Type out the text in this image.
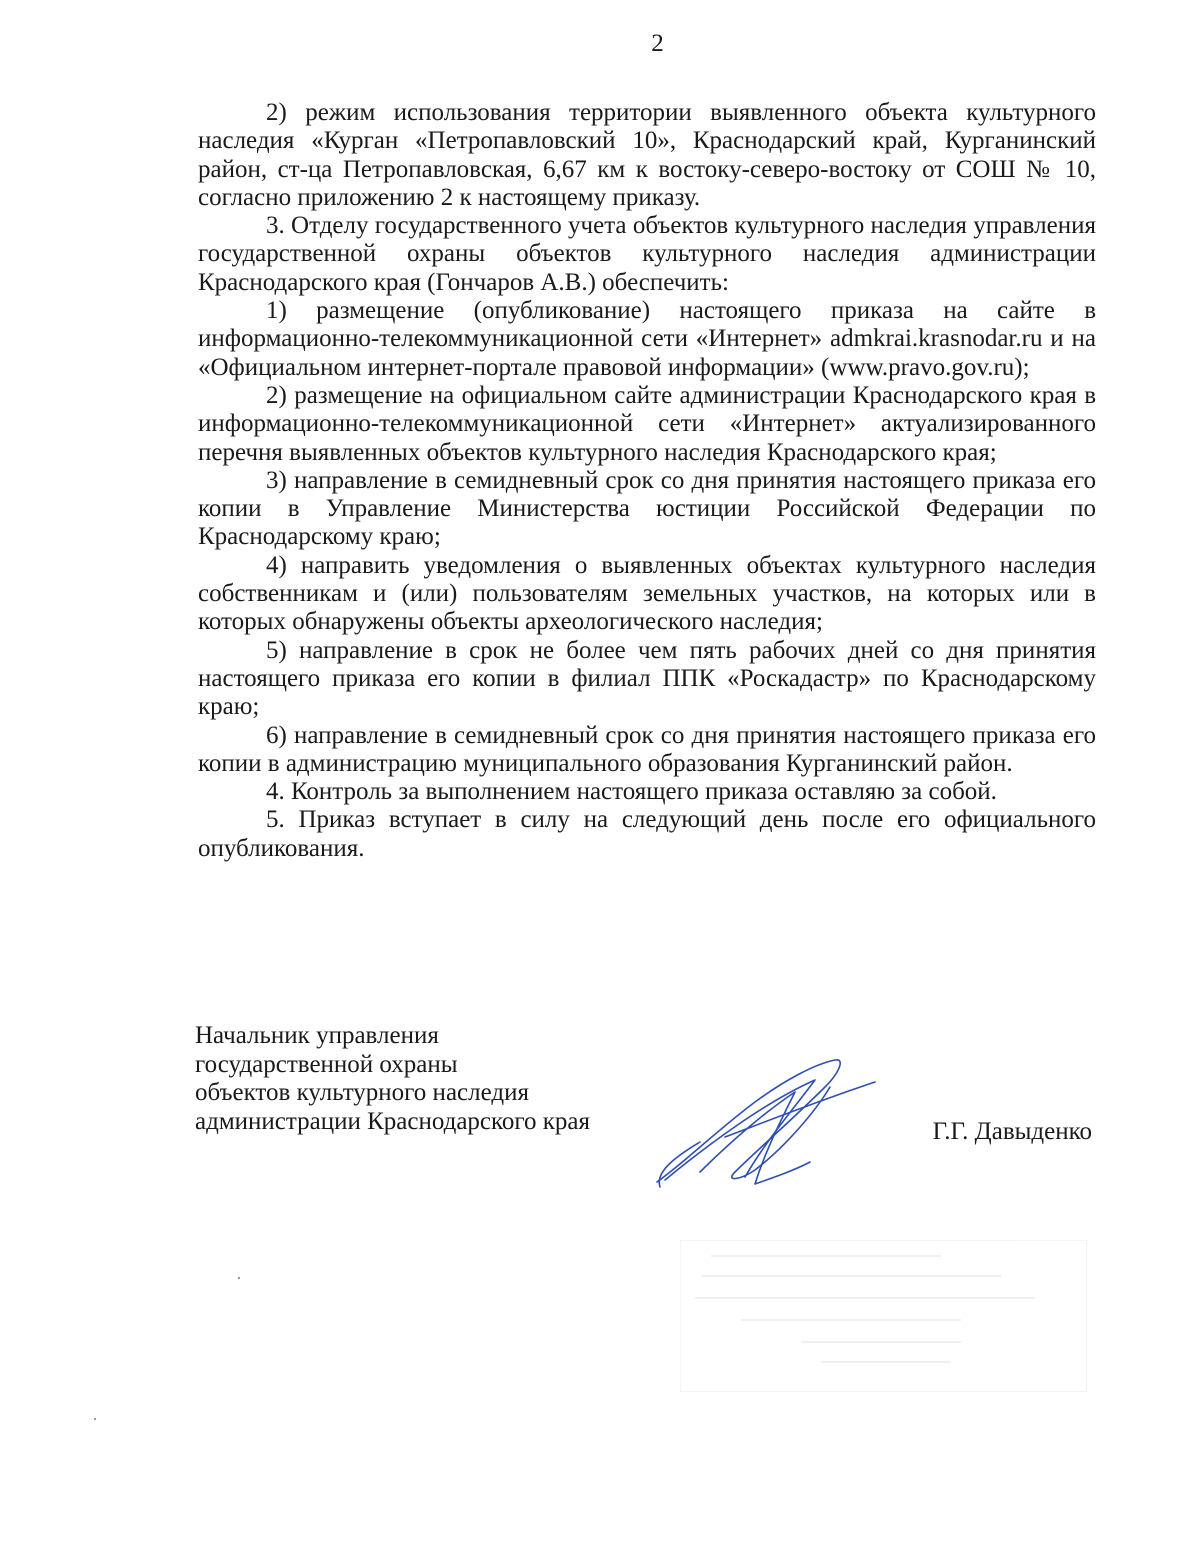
2

2) режим использования территории выявленного объекта культурного наследия «Курган «Петропавловский 10», Краснодарский край, Курганинский район, ст-ца Петропавловская, 6,67 км к востоку-северо-востоку от СОШ № 10, согласно приложению 2 к настоящему приказу.

3. Отделу государственного учета объектов культурного наследия управления государственной охраны объектов культурного наследия администрации Краснодарского края (Гончаров А.В.) обеспечить:

1) размещение (опубликование) настоящего приказа на сайте в информационно-телекоммуникационной сети «Интернет» admkrai.krasnodar.ru и на «Официальном интернет-портале правовой информации» (www.pravo.gov.ru);

2) размещение на официальном сайте администрации Краснодарского края в информационно-телекоммуникационной сети «Интернет» актуализированного перечня выявленных объектов культурного наследия Краснодарского края;

3) направление в семидневный срок со дня принятия настоящего приказа его копии в Управление Министерства юстиции Российской Федерации по Краснодарскому краю;

4) направить уведомления о выявленных объектах культурного наследия собственникам и (или) пользователям земельных участков, на которых или в которых обнаружены объекты археологического наследия;

5) направление в срок не более чем пять рабочих дней со дня принятия настоящего приказа его копии в филиал ППК «Роскадастр» по Краснодарскому краю;

6) направление в семидневный срок со дня принятия настоящего приказа его копии в администрацию муниципального образования Курганинский район.

4. Контроль за выполнением настоящего приказа оставляю за собой.

5. Приказ вступает в силу на следующий день после его официального опубликования.

Начальник управления
государственной охраны
объектов культурного наследия
администрации Краснодарского края	Г.Г. Давыденко
